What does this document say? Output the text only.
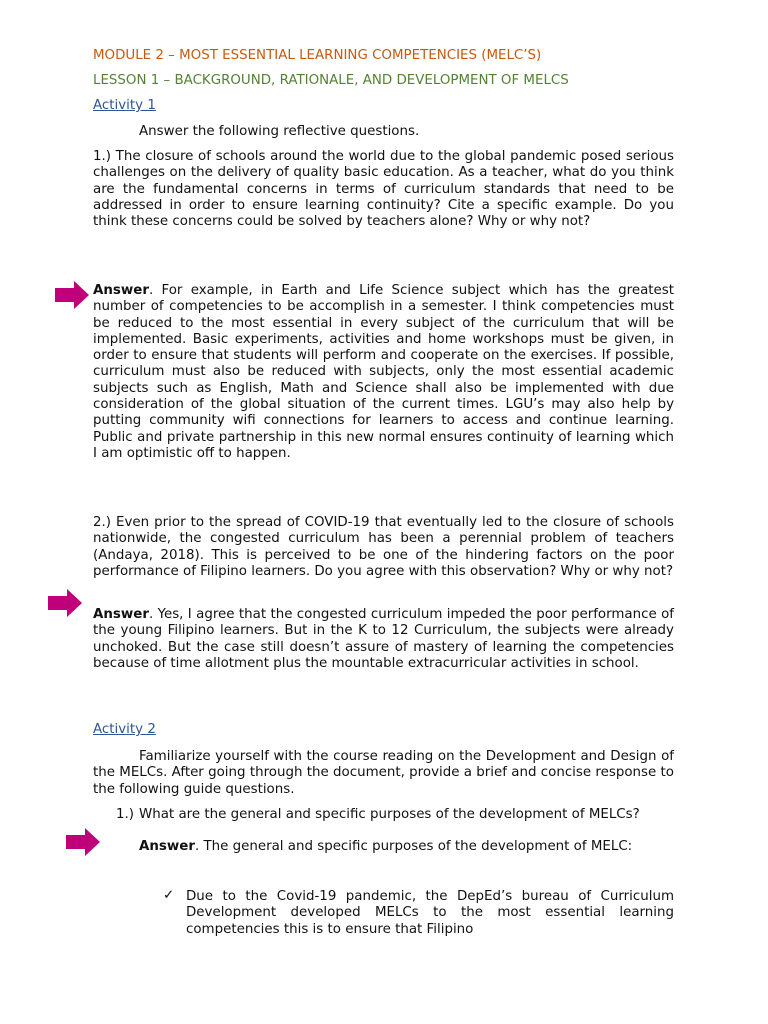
MODULE 2 – MOST ESSENTIAL LEARNING COMPETENCIES (MELC’S)

LESSON 1 – BACKGROUND, RATIONALE, AND DEVELOPMENT OF MELCS

Activity 1

Answer the following reflective questions.

1.) The closure of schools around the world due to the global pandemic posed serious challenges on the delivery of quality basic education. As a teacher, what do you think are the fundamental concerns in terms of curriculum standards that need to be addressed in order to ensure learning continuity? Cite a specific example. Do you think these concerns could be solved by teachers alone? Why or why not?

Answer. For example, in Earth and Life Science subject which has the greatest number of competencies to be accomplish in a semester. I think competencies must be reduced to the most essential in every subject of the curriculum that will be implemented. Basic experiments, activities and home workshops must be given, in order to ensure that students will perform and cooperate on the exercises. If possible, curriculum must also be reduced with subjects, only the most essential academic subjects such as English, Math and Science shall also be implemented with due consideration of the global situation of the current times. LGU’s may also help by putting community wifi connections for learners to access and continue learning. Public and private partnership in this new normal ensures continuity of learning which I am optimistic off to happen.

2.) Even prior to the spread of COVID-19 that eventually led to the closure of schools nationwide, the congested curriculum has been a perennial problem of teachers (Andaya, 2018). This is perceived to be one of the hindering factors on the poor performance of Filipino learners. Do you agree with this observation? Why or why not?

Answer. Yes, I agree that the congested curriculum impeded the poor performance of the young Filipino learners. But in the K to 12 Curriculum, the subjects were already unchoked. But the case still doesn’t assure of mastery of learning the competencies because of time allotment plus the mountable extracurricular activities in school.

Activity 2

Familiarize yourself with the course reading on the Development and Design of the MELCs. After going through the document, provide a brief and concise response to the following guide questions.

1.) What are the general and specific purposes of the development of MELCs?

Answer. The general and specific purposes of the development of MELC:

✓ Due to the Covid-19 pandemic, the DepEd’s bureau of Curriculum Development developed MELCs to the most essential learning competencies this is to ensure that Filipino
